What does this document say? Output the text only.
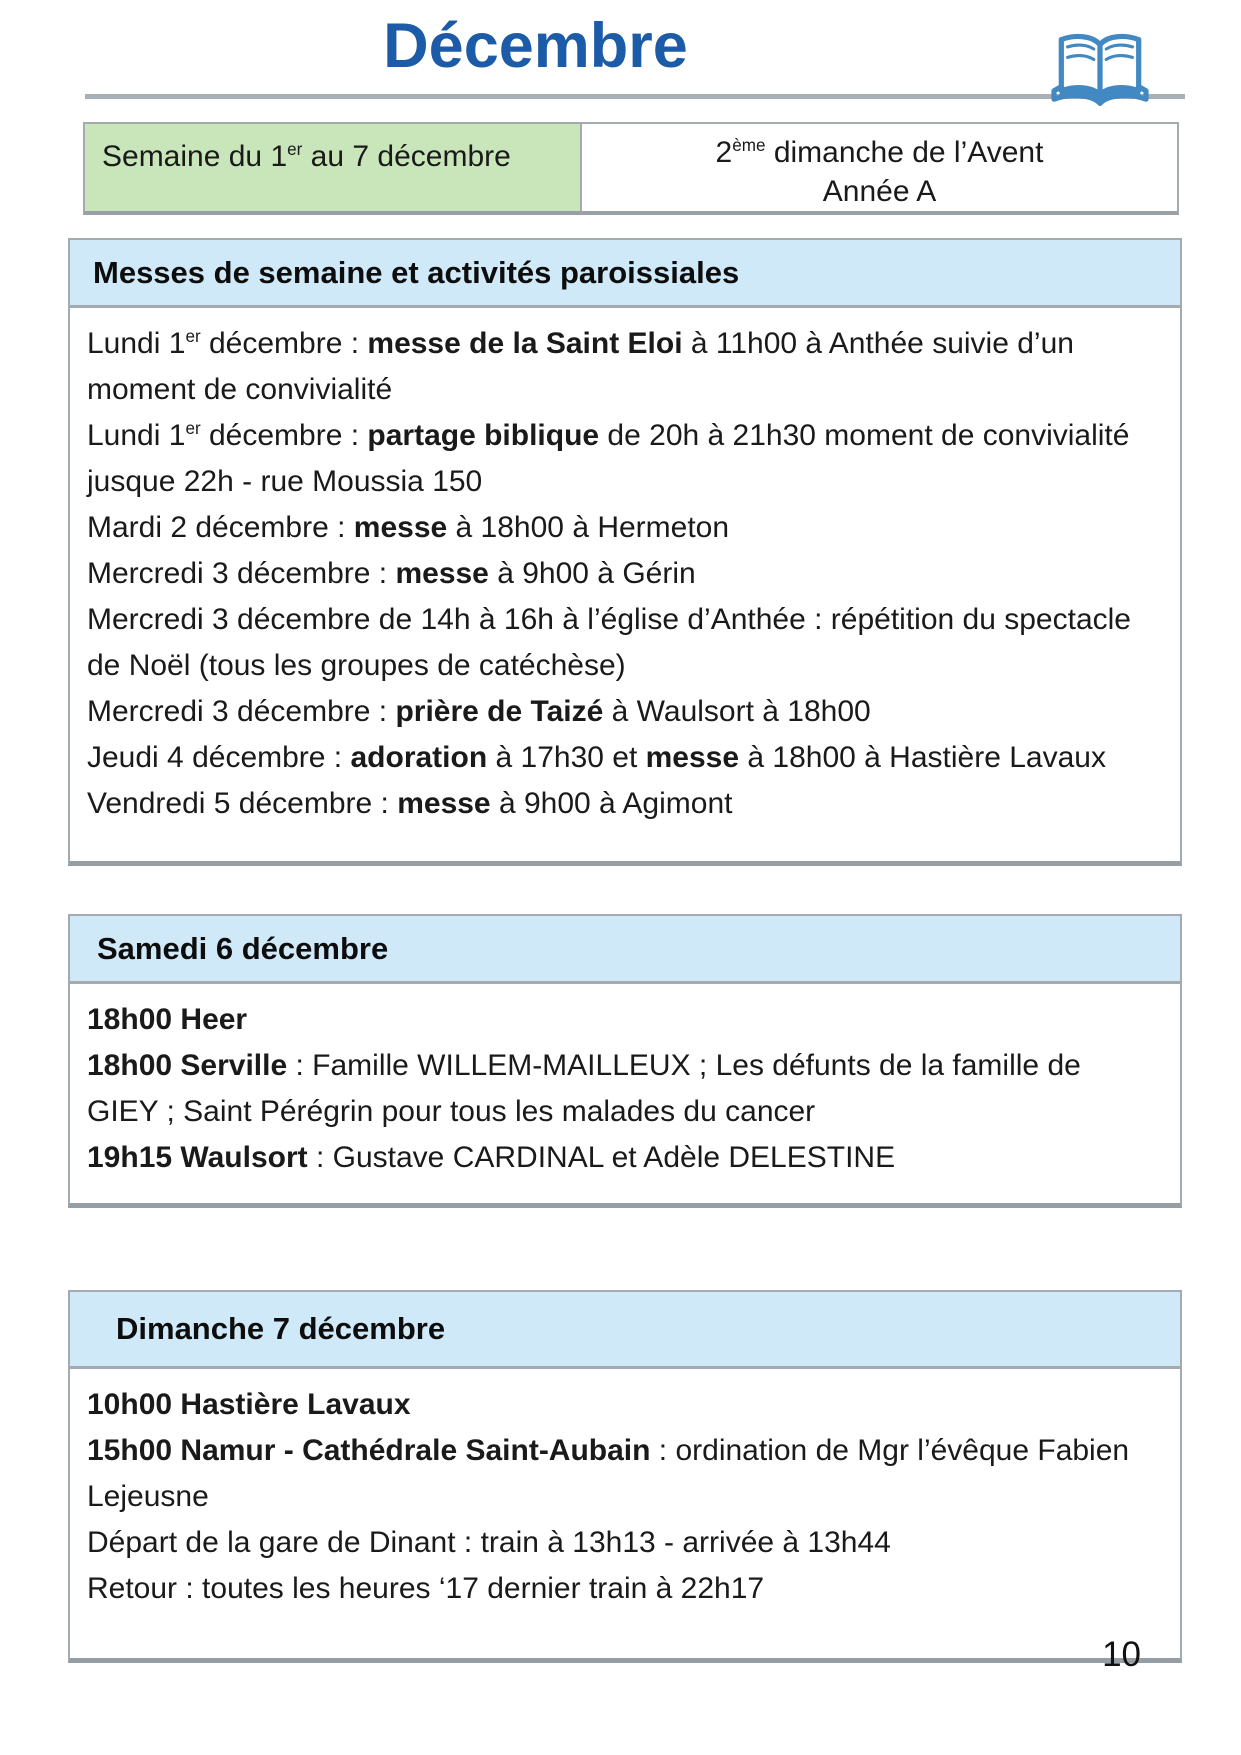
Décembre
Semaine du 1er au 7 décembre	2ème dimanche de l’Avent
Année A
Messes de semaine et activités paroissiales

Lundi 1er décembre : messe de la Saint Eloi à 11h00 à Anthée suivie d’un moment de convivialité

Lundi 1er décembre : partage biblique de 20h à 21h30 moment de convivialité jusque 22h - rue Moussia 150

Mardi 2 décembre : messe à 18h00 à Hermeton

Mercredi 3 décembre : messe à 9h00 à Gérin

Mercredi 3 décembre de 14h à 16h à l’église d’Anthée : répétition du spectacle de Noël (tous les groupes de catéchèse)

Mercredi 3 décembre : prière de Taizé à Waulsort à 18h00

Jeudi 4 décembre : adoration à 17h30 et messe à 18h00 à Hastière Lavaux

Vendredi 5 décembre : messe à 9h00 à Agimont

Samedi 6 décembre

18h00 Heer

18h00 Serville : Famille WILLEM-MAILLEUX ; Les défunts de la famille de GIEY ; Saint Pérégrin pour tous les malades du cancer

19h15 Waulsort : Gustave CARDINAL et Adèle DELESTINE

Dimanche 7 décembre

10h00 Hastière Lavaux

15h00 Namur - Cathédrale Saint-Aubain : ordination de Mgr l’évêque Fabien Lejeusne

Départ de la gare de Dinant : train à 13h13 - arrivée à 13h44

Retour : toutes les heures ‘17 dernier train à 22h17

10
